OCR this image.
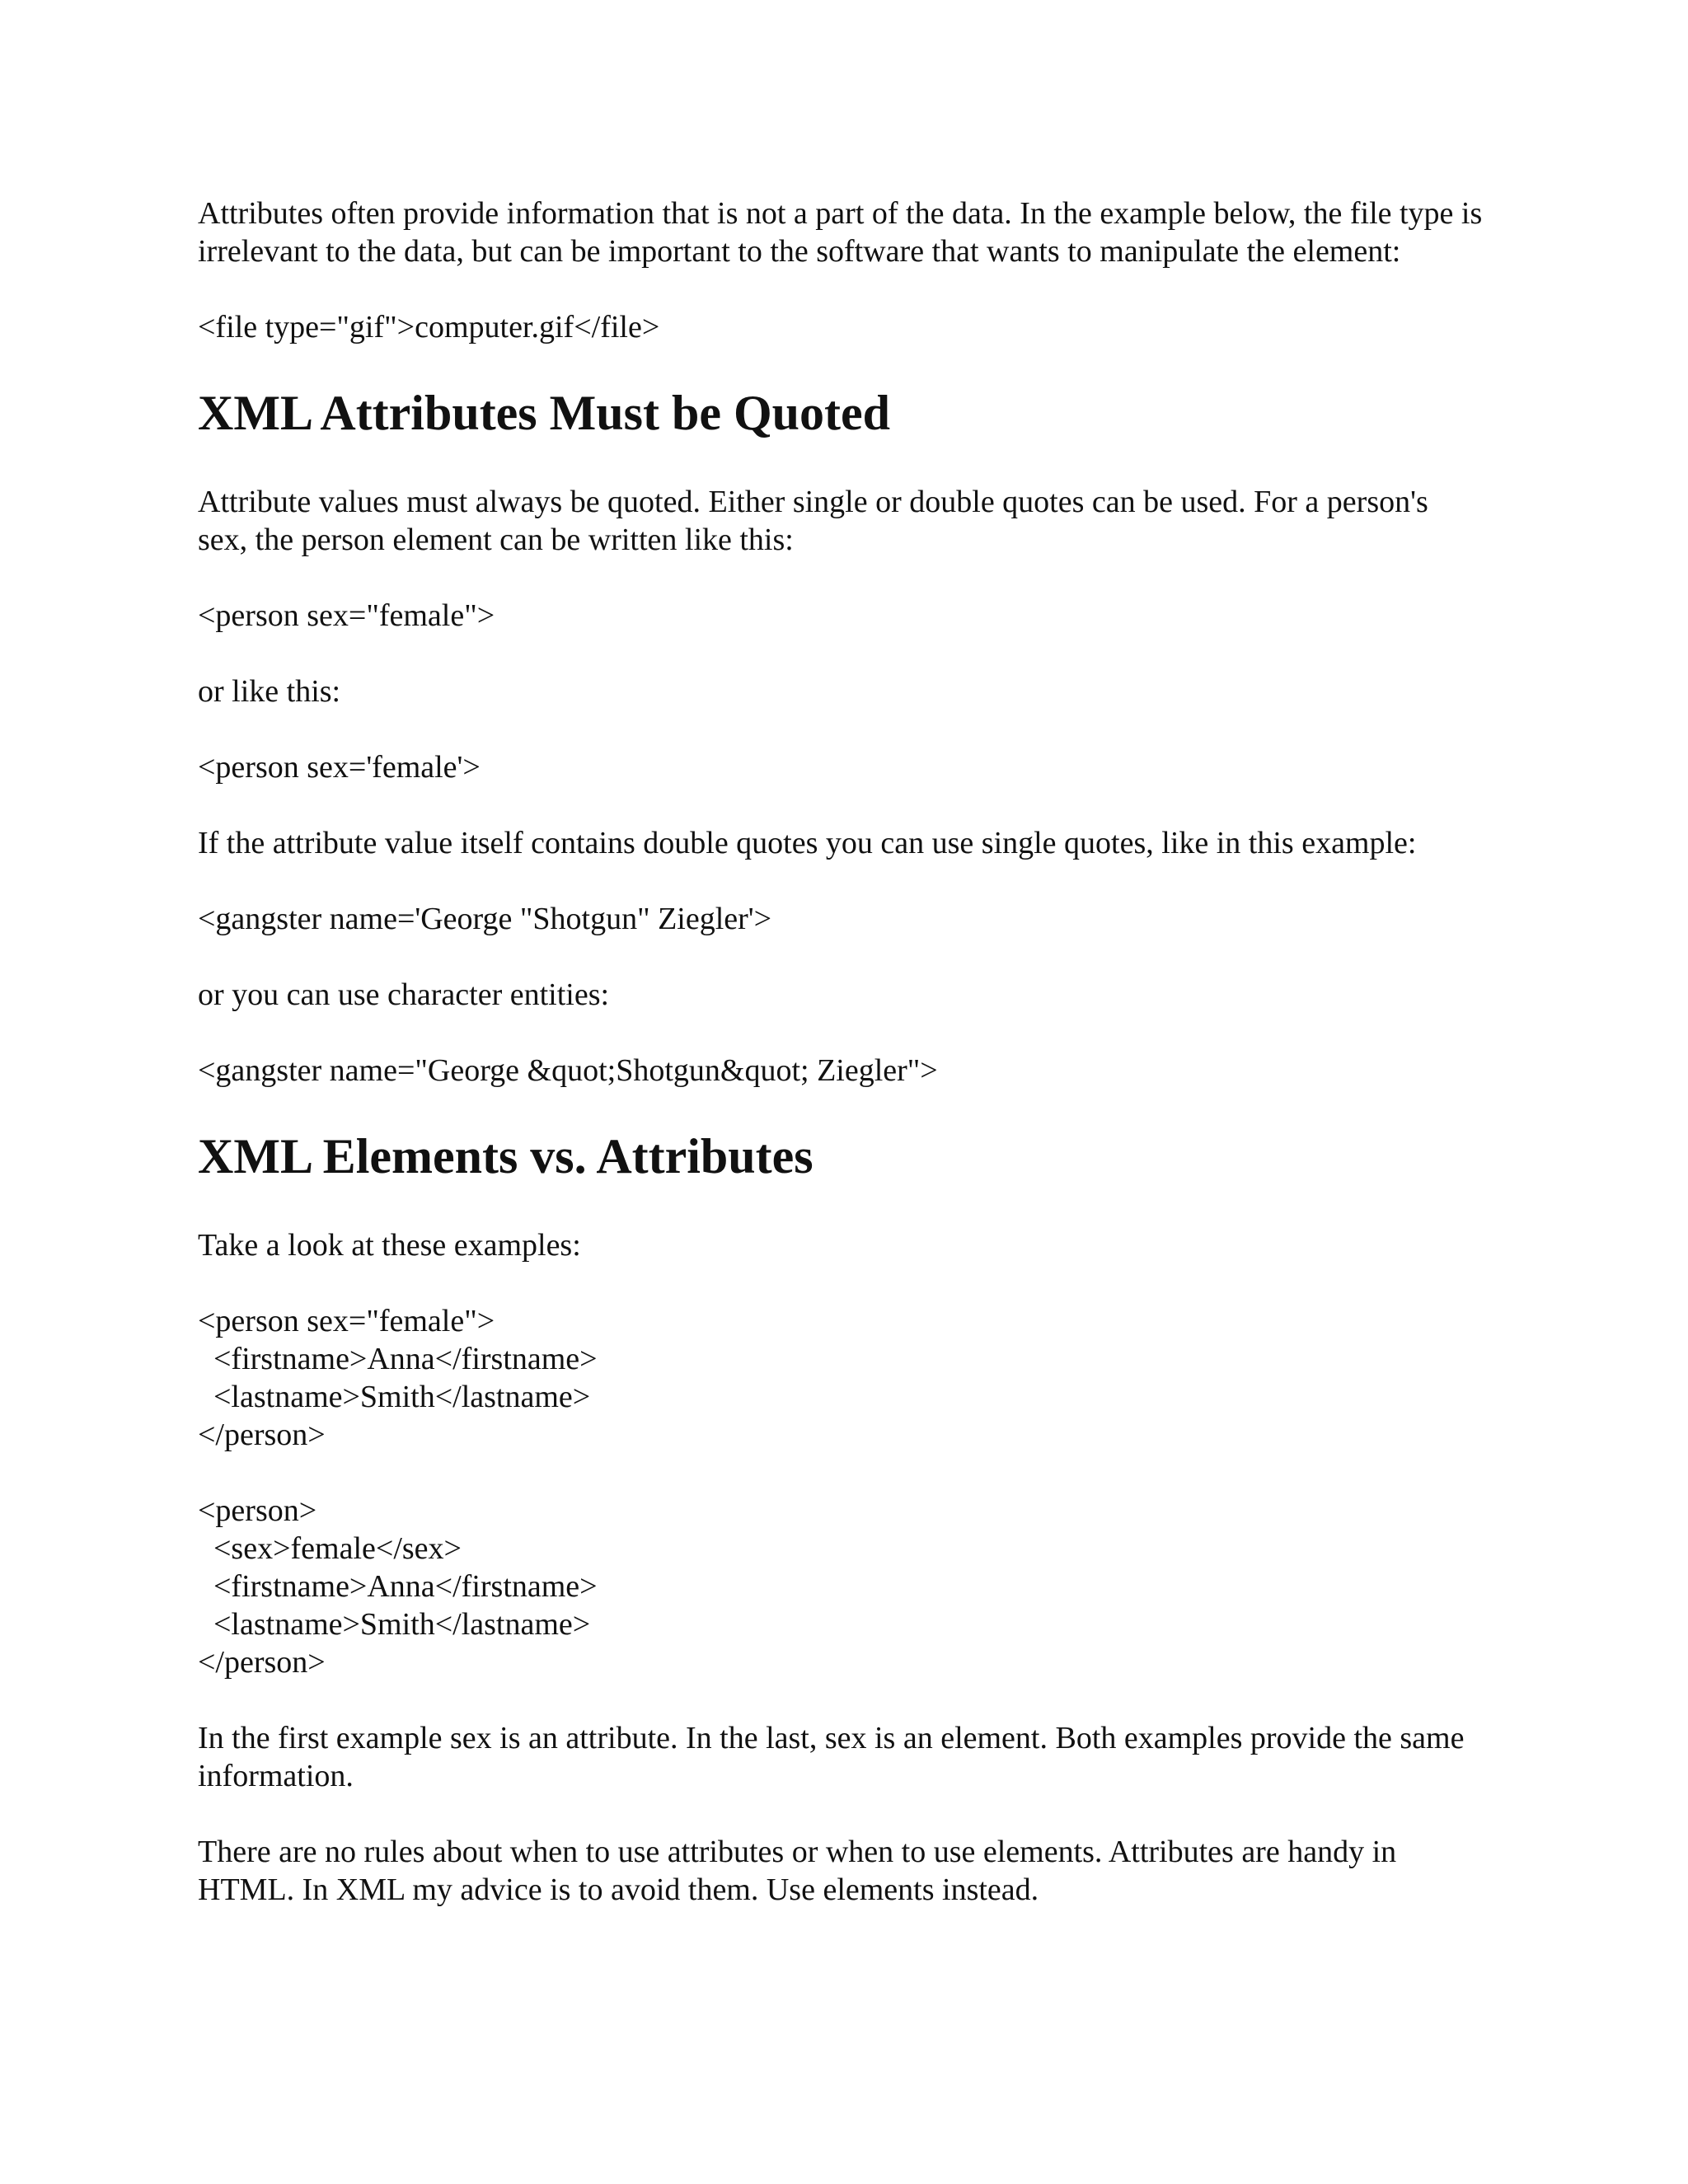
Attributes often provide information that is not a part of the data. In the example below, the file type is irrelevant to the data, but can be important to the software that wants to manipulate the element:

<file type="gif">computer.gif</file>

XML Attributes Must be Quoted

Attribute values must always be quoted. Either single or double quotes can be used. For a person's sex, the person element can be written like this:

<person sex="female">

or like this:

<person sex='female'>

If the attribute value itself contains double quotes you can use single quotes, like in this example:

<gangster name='George "Shotgun" Ziegler'>

or you can use character entities:

<gangster name="George &quot;Shotgun&quot; Ziegler">

XML Elements vs. Attributes

Take a look at these examples:

<person sex="female">
<firstname>Anna</firstname>
<lastname>Smith</lastname>
</person>
<person>
<sex>female</sex>
<firstname>Anna</firstname>
<lastname>Smith</lastname>
</person>

In the first example sex is an attribute. In the last, sex is an element. Both examples provide the same information.

There are no rules about when to use attributes or when to use elements. Attributes are handy in HTML. In XML my advice is to avoid them. Use elements instead.
